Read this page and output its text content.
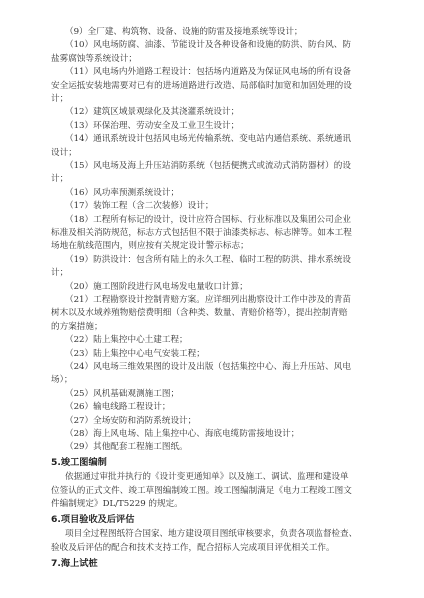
（9）全厂建、构筑物、设备、设施的防雷及接地系统等设计；
（10）风电场防腐、油漆、节能设计及各种设备和设施的防洪、防台风、防
盐雾腐蚀等系统设计；
（11）风电场内外道路工程设计：包括场内道路及为保证风电场的所有设备
安全运抵安装地需要对已有的进场道路进行改造、局部临时加宽和加固处理的设
计；
（12）建筑区域景观绿化及其浇灌系统设计；
（13）环保治理、劳动安全及工业卫生设计；
（14）通讯系统设计包括风电场光传输系统、变电站内通信系统、系统通讯
设计；
（15）风电场及海上升压站消防系统（包括便携式或流动式消防器材）的设
计；
（16）风功率预测系统设计；
（17）装饰工程（含二次装修）设计；
（18）工程所有标记的设计，设计应符合国标、行业标准以及集团公司企业
标准及相关消防规范，标志方式包括但不限于油漆类标志、标志牌等。如本工程
场地在航线范围内，则应按有关规定设计警示标志；
（19）防洪设计：包含所有陆上的永久工程、临时工程的防洪、排水系统设
计；
（20）施工图阶段进行风电场发电量收口计算；
（21）工程勘察设计控制青赔方案。应详细列出勘察设计工作中涉及的青苗
树木以及水域养殖物赔偿费明细（含种类、数量、青赔价格等），提出控制青赔
的方案措施；
（22）陆上集控中心土建工程；
（23）陆上集控中心电气安装工程；
（24）风电场三维效果图的设计及出版（包括集控中心、海上升压站、风电
场）；
（25）风机基础观测施工图；
（26）输电线路工程设计；
（27）全场安防和消防系统设计；
（28）海上风电场、陆上集控中心、海底电缆防雷接地设计；
（29）其他配套工程施工图纸。
5.竣工图编制
依据通过审批并执行的《设计变更通知单》以及施工、调试、监理和建设单
位签认的正式文件、竣工草图编制竣工图。竣工图编制满足《电力工程竣工图文
件编制规定》DL/T5229 的规定。
6.项目验收及后评估
项目全过程图纸符合国家、地方建设项目图纸审核要求，负责各项监督检查、
验收及后评估的配合和技术支持工作，配合招标人完成项目评优相关工作。
7.海上试桩
